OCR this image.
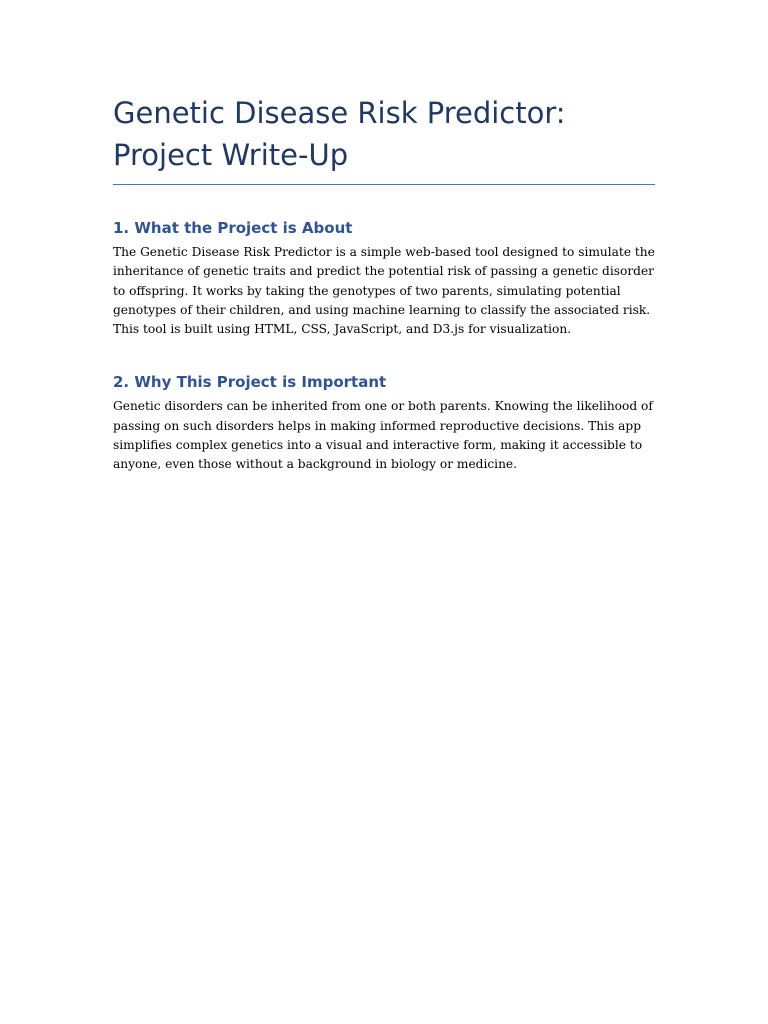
Genetic Disease Risk Predictor: Project Write-Up
1. What the Project is About

The Genetic Disease Risk Predictor is a simple web-based tool designed to simulate the inheritance of genetic traits and predict the potential risk of passing a genetic disorder to offspring. It works by taking the genotypes of two parents, simulating potential genotypes of their children, and using machine learning to classify the associated risk. This tool is built using HTML, CSS, JavaScript, and D3.js for visualization.

2. Why This Project is Important

Genetic disorders can be inherited from one or both parents. Knowing the likelihood of passing on such disorders helps in making informed reproductive decisions. This app simplifies complex genetics into a visual and interactive form, making it accessible to anyone, even those without a background in biology or medicine.
